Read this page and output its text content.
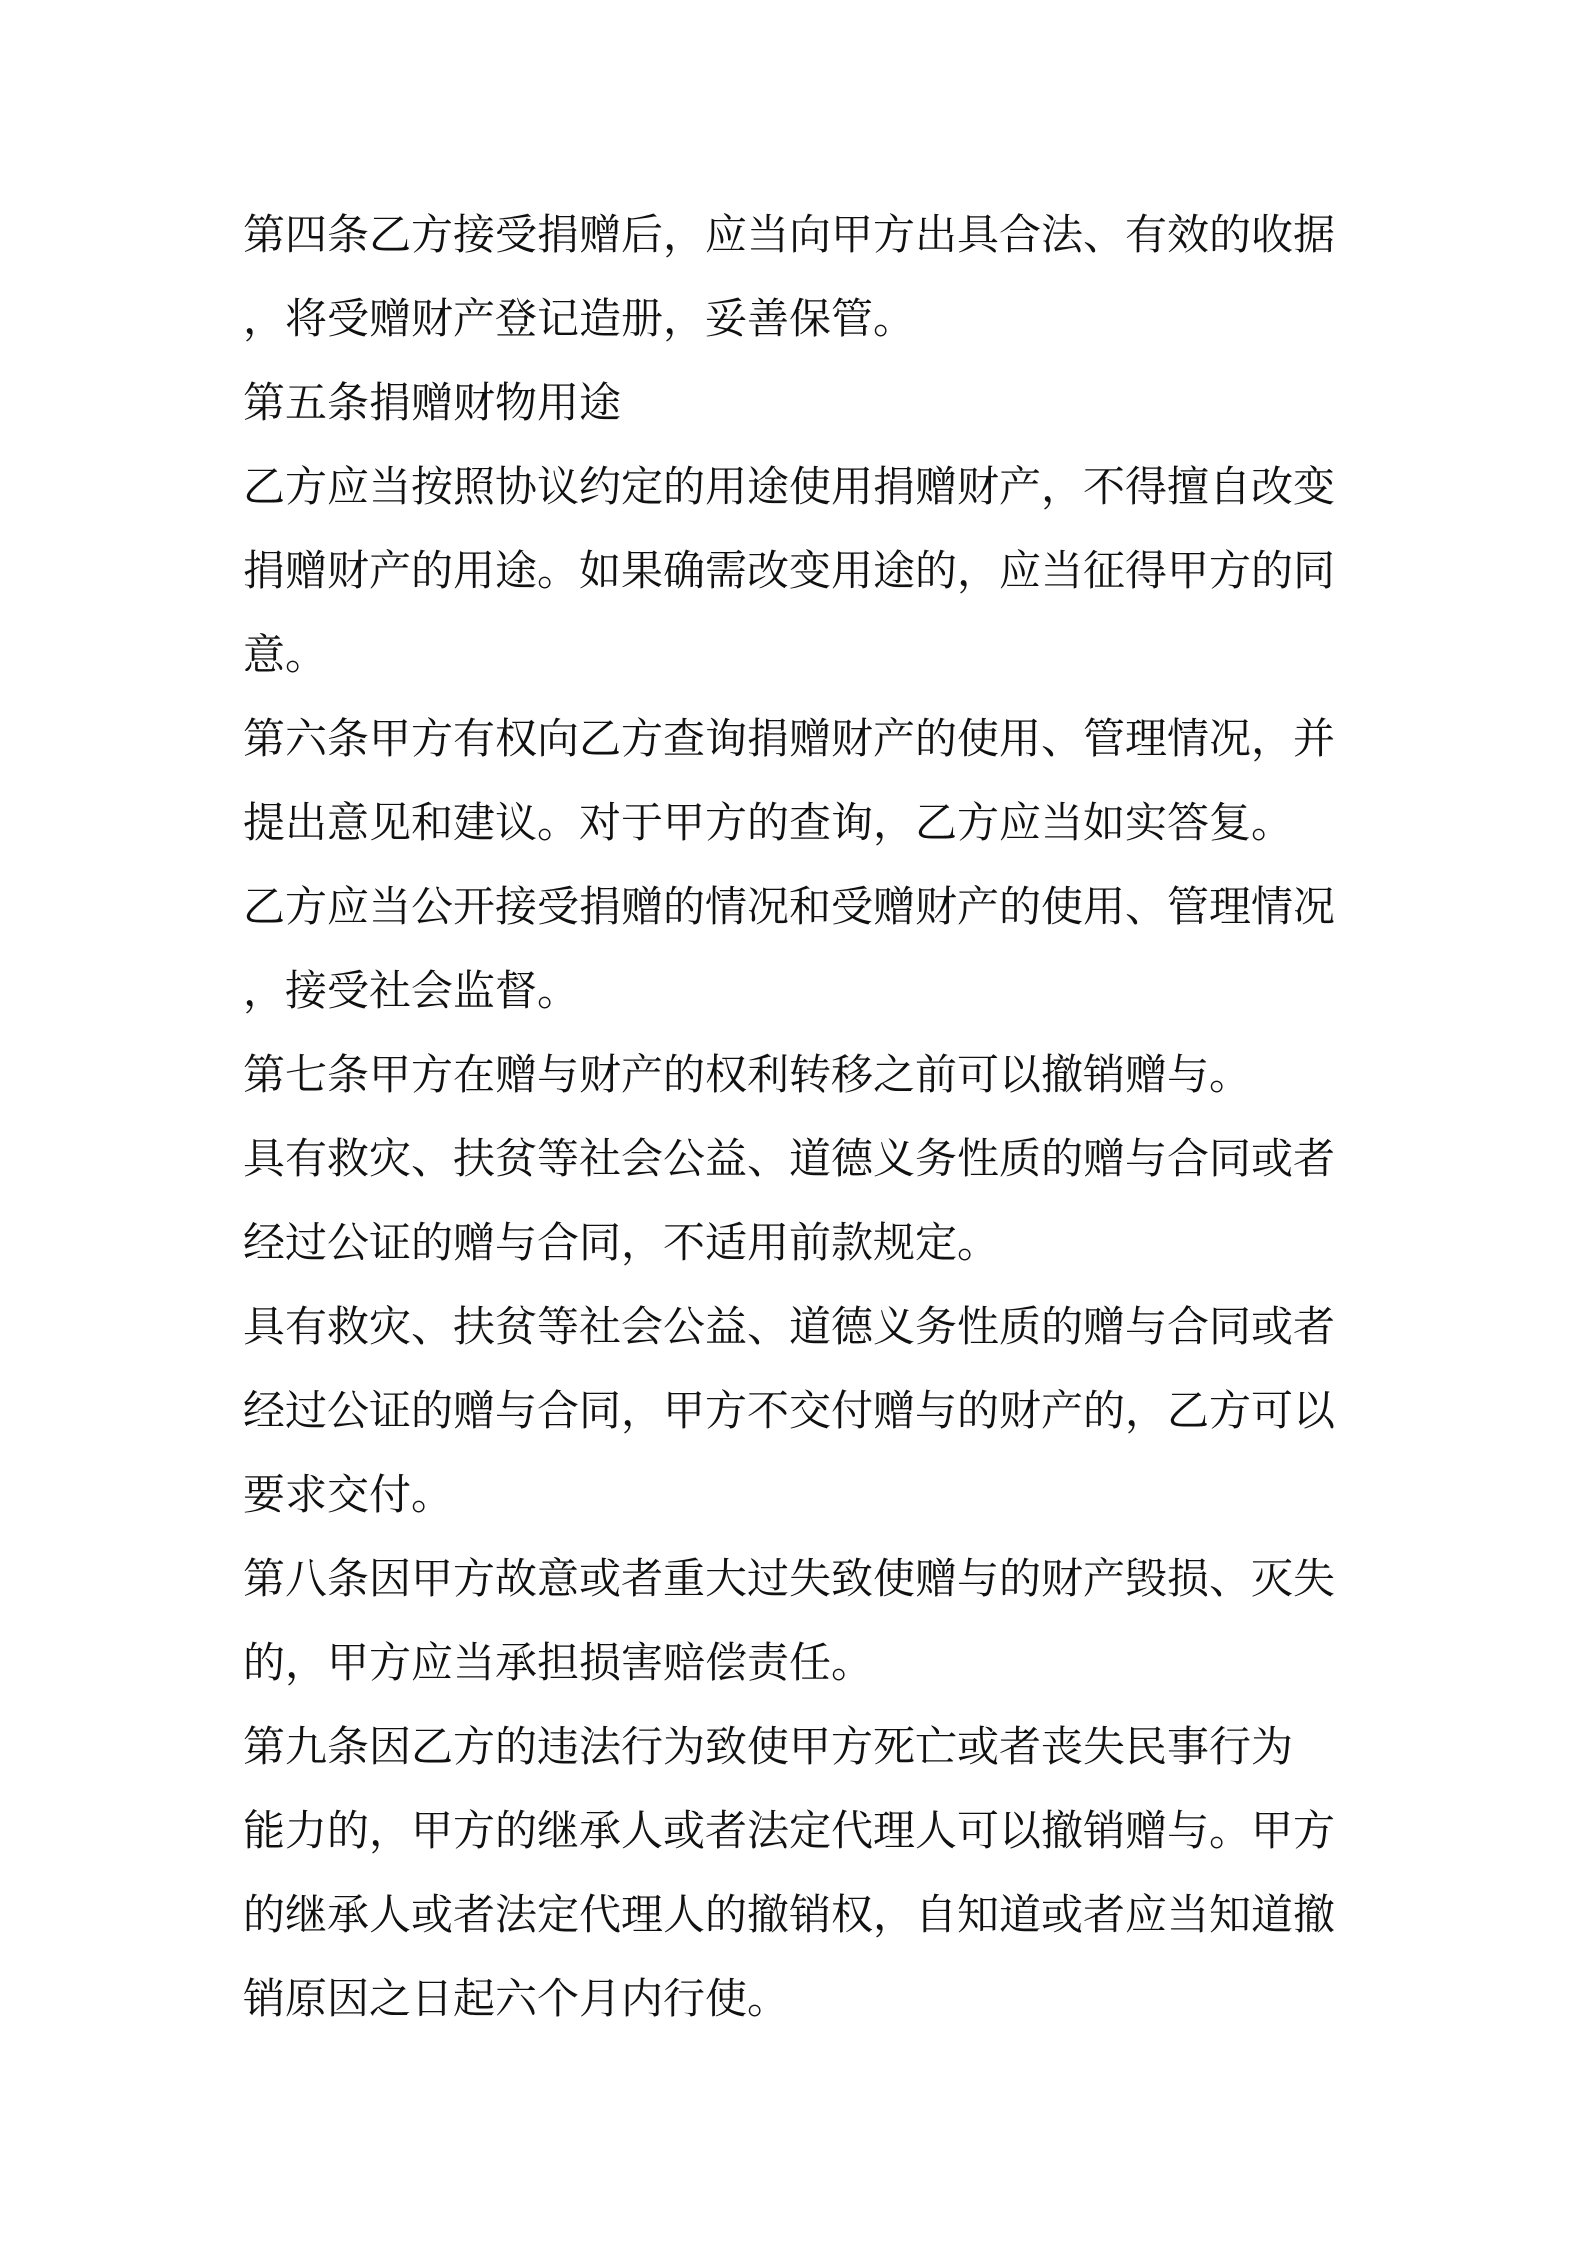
第四条乙方接受捐赠后，应当向甲方出具合法、有效的收据
，将受赠财产登记造册，妥善保管。
第五条捐赠财物用途
乙方应当按照协议约定的用途使用捐赠财产，不得擅自改变
捐赠财产的用途。如果确需改变用途的，应当征得甲方的同
意。
第六条甲方有权向乙方查询捐赠财产的使用、管理情况，并
提出意见和建议。对于甲方的查询，乙方应当如实答复。
乙方应当公开接受捐赠的情况和受赠财产的使用、管理情况
，接受社会监督。
第七条甲方在赠与财产的权利转移之前可以撤销赠与。
具有救灾、扶贫等社会公益、道德义务性质的赠与合同或者
经过公证的赠与合同，不适用前款规定。
具有救灾、扶贫等社会公益、道德义务性质的赠与合同或者
经过公证的赠与合同，甲方不交付赠与的财产的，乙方可以
要求交付。
第八条因甲方故意或者重大过失致使赠与的财产毁损、灭失
的，甲方应当承担损害赔偿责任。
第九条因乙方的违法行为致使甲方死亡或者丧失民事行为
能力的，甲方的继承人或者法定代理人可以撤销赠与。甲方
的继承人或者法定代理人的撤销权，自知道或者应当知道撤
销原因之日起六个月内行使。
